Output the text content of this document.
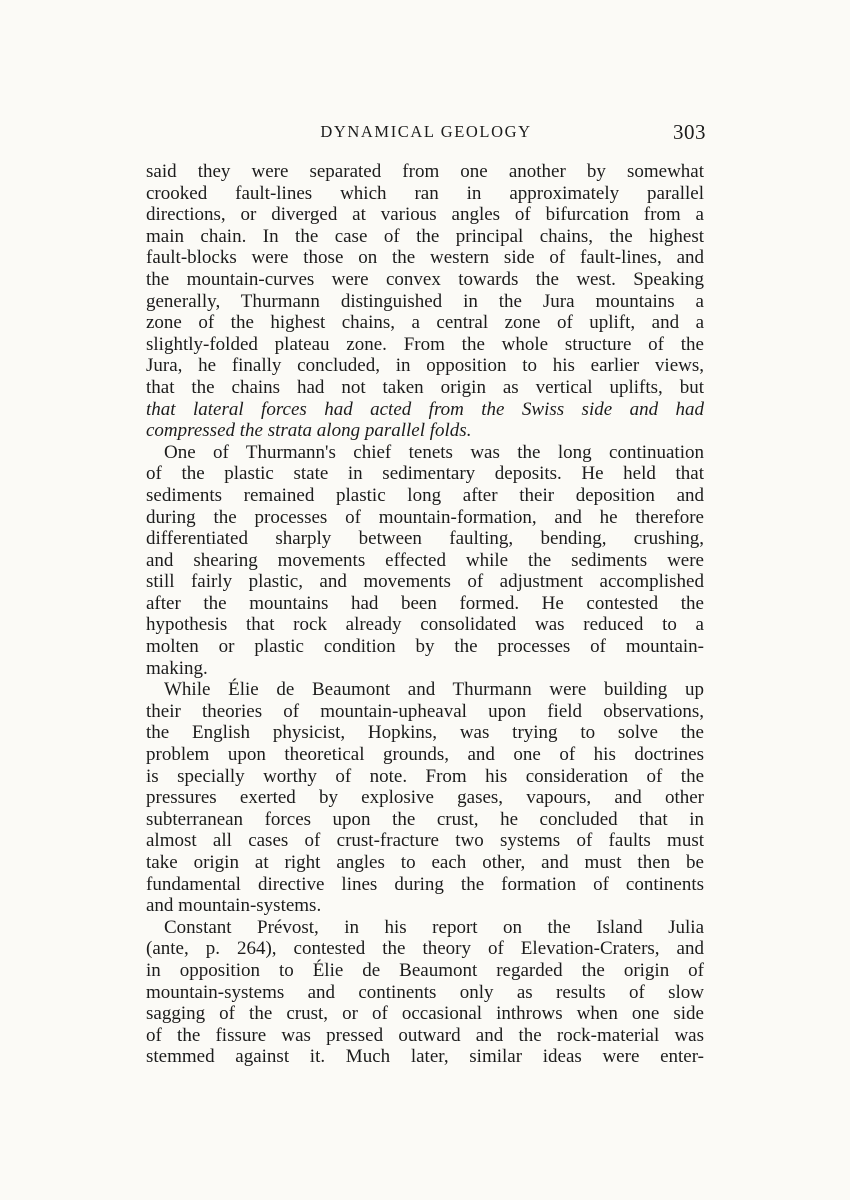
DYNAMICAL GEOLOGY	303
said they were separated from one another by somewhat
crooked fault-lines which ran in approximately parallel
directions, or diverged at various angles of bifurcation from a
main chain. In the case of the principal chains, the highest
fault-blocks were those on the western side of fault-lines, and
the mountain-curves were convex towards the west. Speaking
generally, Thurmann distinguished in the Jura mountains a
zone of the highest chains, a central zone of uplift, and a
slightly-folded plateau zone. From the whole structure of the
Jura, he finally concluded, in opposition to his earlier views,
that the chains had not taken origin as vertical uplifts, but
that lateral forces had acted from the Swiss side and had
compressed the strata along parallel folds.
One of Thurmann's chief tenets was the long continuation
of the plastic state in sedimentary deposits. He held that
sediments remained plastic long after their deposition and
during the processes of mountain-formation, and he therefore
differentiated sharply between faulting, bending, crushing,
and shearing movements effected while the sediments were
still fairly plastic, and movements of adjustment accomplished
after the mountains had been formed. He contested the
hypothesis that rock already consolidated was reduced to a
molten or plastic condition by the processes of mountain-
making.
While Élie de Beaumont and Thurmann were building up
their theories of mountain-upheaval upon field observations,
the English physicist, Hopkins, was trying to solve the
problem upon theoretical grounds, and one of his doctrines
is specially worthy of note. From his consideration of the
pressures exerted by explosive gases, vapours, and other
subterranean forces upon the crust, he concluded that in
almost all cases of crust-fracture two systems of faults must
take origin at right angles to each other, and must then be
fundamental directive lines during the formation of continents
and mountain-systems.
Constant Prévost, in his report on the Island Julia
(ante, p. 264), contested the theory of Elevation-Craters, and
in opposition to Élie de Beaumont regarded the origin of
mountain-systems and continents only as results of slow
sagging of the crust, or of occasional inthrows when one side
of the fissure was pressed outward and the rock-material was
stemmed against it. Much later, similar ideas were enter-
